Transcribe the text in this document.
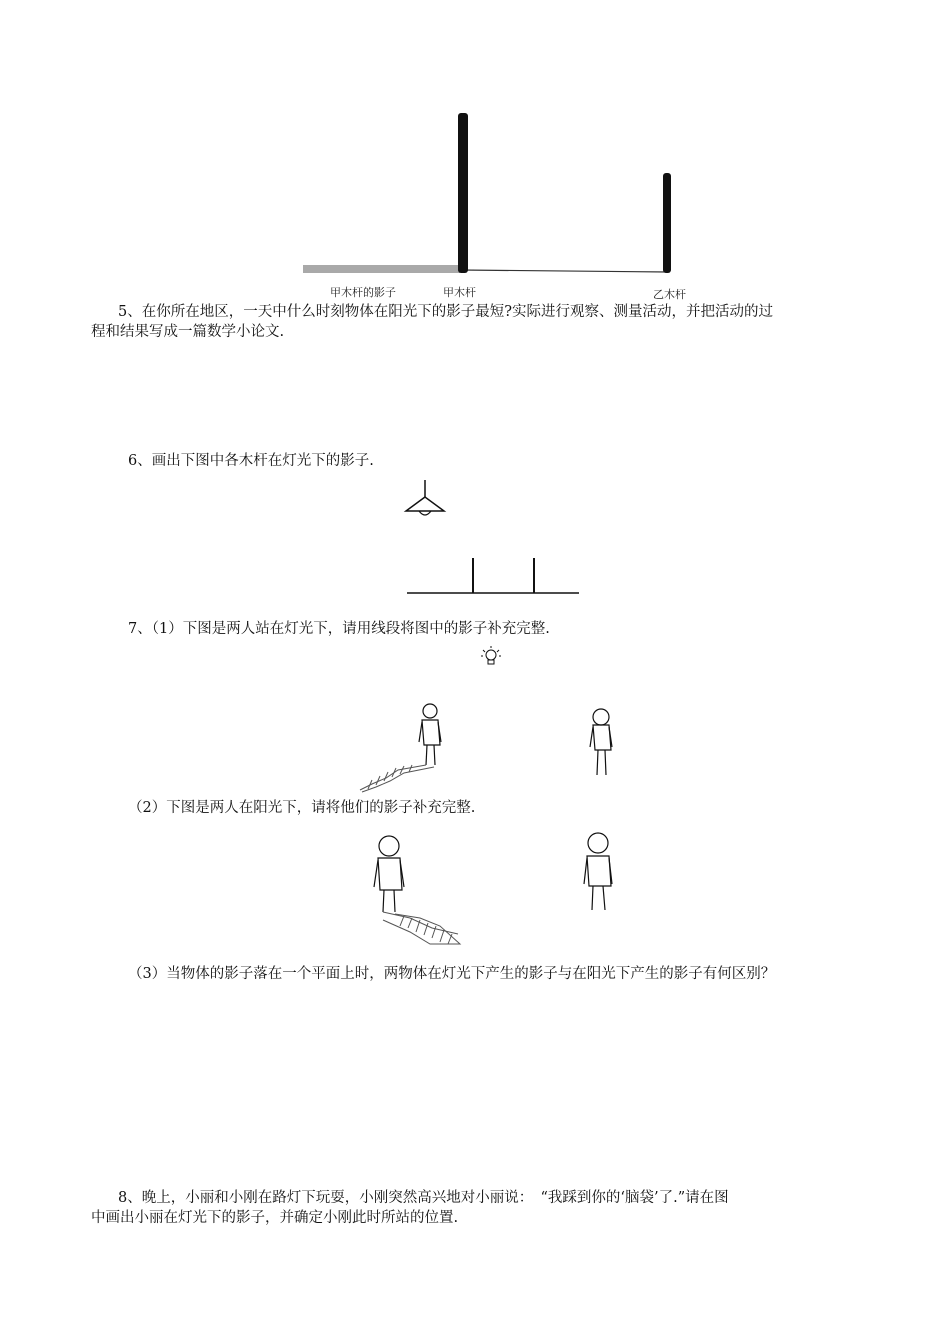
甲木杆的影子	甲木杆	乙木杆
5、在你所在地区，一天中什么时刻物体在阳光下的影子最短?实际进行观察、测量活动，并把活动的过
程和结果写成一篇数学小论文.
6、画出下图中各木杆在灯光下的影子.
7、（1）下图是两人站在灯光下，请用线段将图中的影子补充完整.
（2）下图是两人在阳光下，请将他们的影子补充完整.
（3）当物体的影子落在一个平面上时，两物体在灯光下产生的影子与在阳光下产生的影子有何区别？
8、晚上，小丽和小刚在路灯下玩耍，小刚突然高兴地对小丽说：　“我踩到你的‘脑袋’了.”请在图
中画出小丽在灯光下的影子，并确定小刚此时所站的位置.
